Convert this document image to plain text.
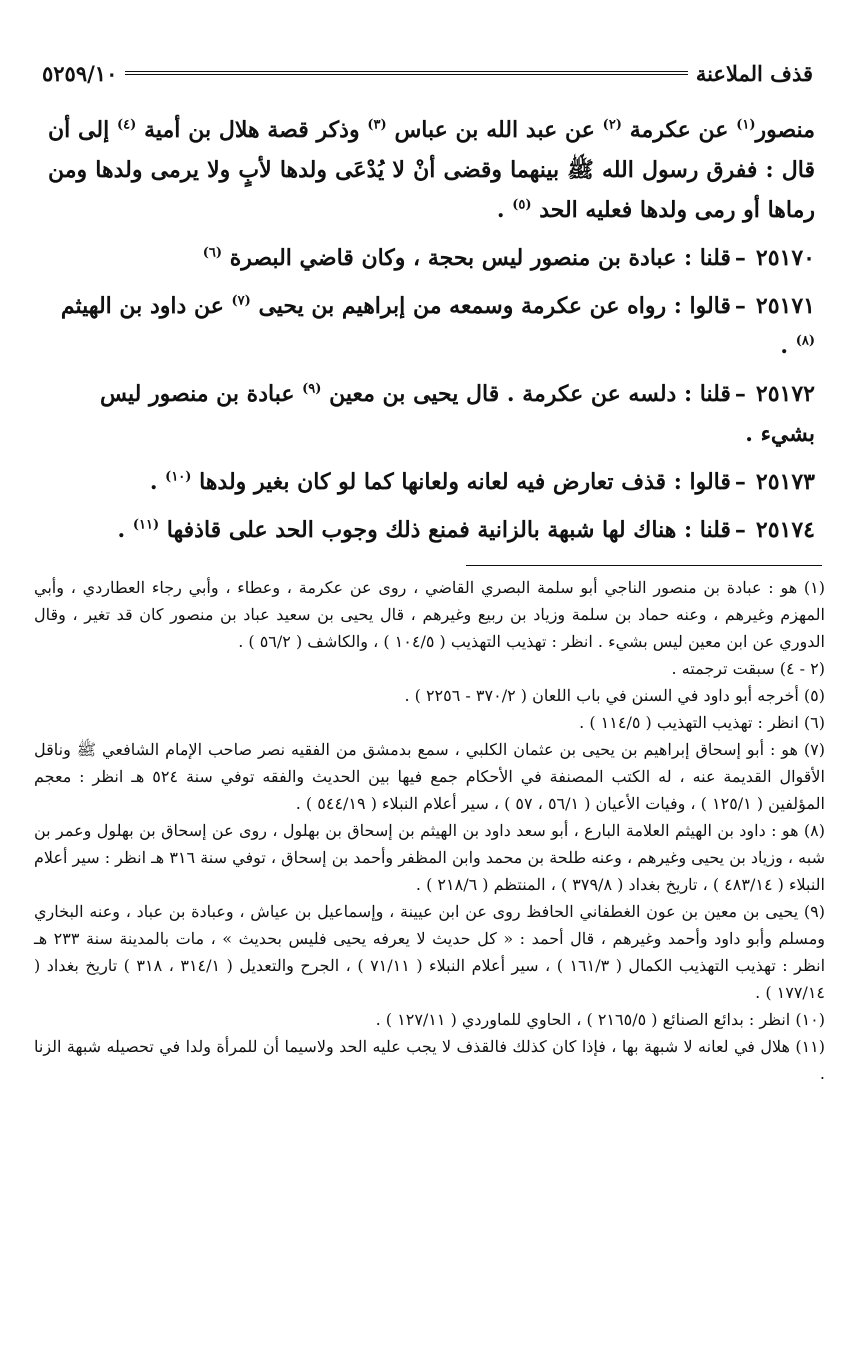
قذف الملاعنة
٥٢٥٩/١٠
منصور$^{(١)}$ عن عكرمة $^{(٢)}$ عن عبد الله بن عباس $^{(٣)}$ وذكر قصة هلال بن أمية $^{(٤)}$ إلى أن قال : ففرق رسول الله ﷺ بينهما وقضى أنْ لا يُدْعَى ولدها لأبٍ ولا يرمى ولدها ومن رماها أو رمى ولدها فعليه الحد $^{(٥)}$ .
٢٥١٧٠–قلنا : عبادة بن منصور ليس بحجة ، وكان قاضي البصرة $^{(٦)}$
٢٥١٧١–قالوا : رواه عن عكرمة وسمعه من إبراهيم بن يحيى $^{(٧)}$ عن داود بن الهيثم $^{(٨)}$ .
٢٥١٧٢–قلنا : دلسه عن عكرمة . قال يحيى بن معين $^{(٩)}$ عبادة بن منصور ليس بشيء .
٢٥١٧٣–قالوا : قذف تعارض فيه لعانه ولعانها كما لو كان بغير ولدها $^{(١٠)}$ .
٢٥١٧٤–قلنا : هناك لها شبهة بالزانية فمنع ذلك وجوب الحد على قاذفها $^{(١١)}$ .
(١) هو : عبادة بن منصور الناجي أبو سلمة البصري القاضي ، روى عن عكرمة ، وعطاء ، وأبي رجاء العطاردي ، وأبي المهزم وغيرهم ، وعنه حماد بن سلمة وزياد بن ربيع وغيرهم ، قال يحيى بن سعيد عباد بن منصور كان قد تغير ، وقال الدوري عن ابن معين ليس بشيء . انظر : تهذيب التهذيب ( ١٠٤/٥ ) ، والكاشف ( ٥٦/٢ ) .
(٢ - ٤) سبقت ترجمته .
(٥) أخرجه أبو داود في السنن في باب اللعان ( ٣٧٠/٢ - ٢٢٥٦ ) .
(٦) انظر : تهذيب التهذيب ( ١١٤/٥ ) .
(٧) هو : أبو إسحاق إبراهيم بن يحيى بن عثمان الكلبي ، سمع بدمشق من الفقيه نصر صاحب الإمام الشافعي ﷺ وناقل الأقوال القديمة عنه ، له الكتب المصنفة في الأحكام جمع فيها بين الحديث والفقه توفي سنة ٥٢٤ هـ انظر : معجم المؤلفين ( ١٢٥/١ ) ، وفيات الأعيان ( ٥٦/١ ، ٥٧ ) ، سير أعلام النبلاء ( ٥٤٤/١٩ ) .
(٨) هو : داود بن الهيثم العلامة البارع ، أبو سعد داود بن الهيثم بن إسحاق بن بهلول ، روى عن إسحاق بن بهلول وعمر بن شبه ، وزياد بن يحيى وغيرهم ، وعنه طلحة بن محمد وابن المظفر وأحمد بن إسحاق ، توفي سنة ٣١٦ هـ انظر : سير أعلام النبلاء ( ٤٨٣/١٤ ) ، تاريخ بغداد ( ٣٧٩/٨ ) ، المنتظم ( ٢١٨/٦ ) .
(٩) يحيى بن معين بن عون الغطفاني الحافظ روى عن ابن عيينة ، وإسماعيل بن عياش ، وعبادة بن عباد ، وعنه البخاري ومسلم وأبو داود وأحمد وغيرهم ، قال أحمد : « كل حديث لا يعرفه يحيى فليس بحديث » ، مات بالمدينة سنة ٢٣٣ هـ انظر : تهذيب التهذيب الكمال ( ١٦١/٣ ) ، سير أعلام النبلاء ( ٧١/١١ ) ، الجرح والتعديل ( ٣١٤/١ ، ٣١٨ ) تاريخ بغداد ( ١٧٧/١٤ ) .
(١٠) انظر : بدائع الصنائع ( ٢١٦٥/٥ ) ، الحاوي للماوردي ( ١٢٧/١١ ) .
(١١) هلال في لعانه لا شبهة بها ، فإذا كان كذلك فالقذف لا يجب عليه الحد ولاسيما أن للمرأة ولدا في تحصيله شبهة الزنا .
